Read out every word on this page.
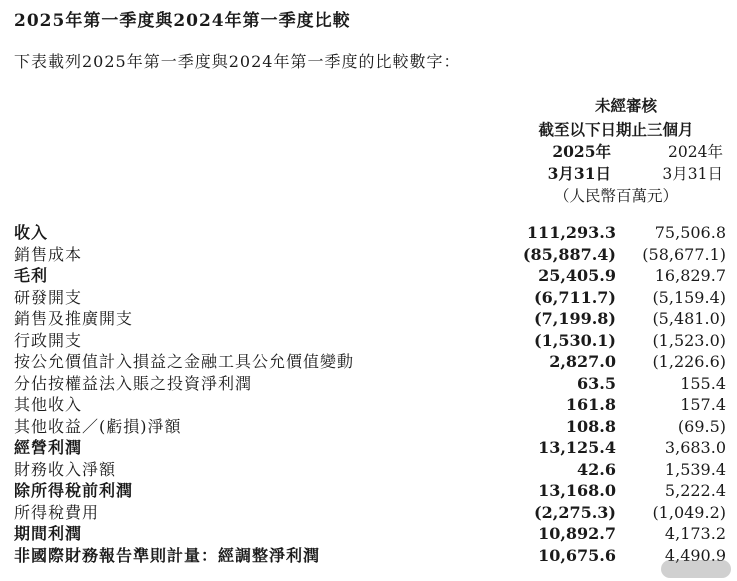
2025年第一季度與2024年第一季度比較
下表載列2025年第一季度與2024年第一季度的比較數字：
未經審核
截至以下日期止三個月
2025年	2024年
3月31日	3月31日
（人民幣百萬元）
收入	111,293.3 75,506.8
銷售成本	(85,887.4) (58,677.1)
毛利	25,405.9 16,829.7
研發開支	(6,711.7) (5,159.4)
銷售及推廣開支	(7,199.8) (5,481.0)
行政開支	(1,530.1) (1,523.0)
按公允價值計入損益之金融工具公允價值變動	2,827.0 (1,226.6)
分佔按權益法入賬之投資淨利潤	63.5	155.4
其他收入	161.8	157.4
其他收益／(虧損)淨額	108.8	(69.5)
經營利潤	13,125.4	3,683.0
財務收入淨額	42.6	1,539.4
除所得稅前利潤	13,168.0	5,222.4
所得稅費用	(2,275.3) (1,049.2)
期間利潤	10,892.7	4,173.2
非國際財務報告準則計量：經調整淨利潤	10,675.6	4,490.9
